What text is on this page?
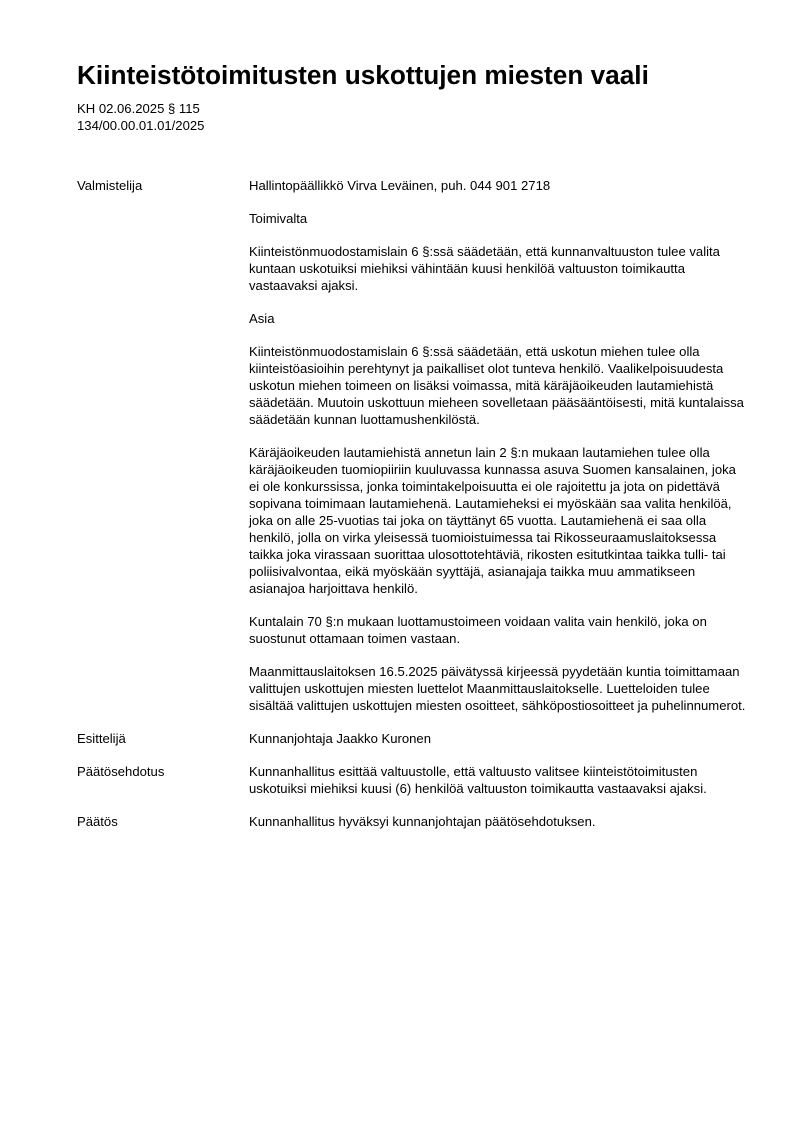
Kiinteistötoimitusten uskottujen miesten vaali
KH 02.06.2025 § 115
134/00.00.01.01/2025
Valmistelija	Hallintopäällikkö Virva Leväinen, puh. 044 901 2718

Toimivalta

Kiinteistönmuodostamislain 6 §:ssä säädetään, että kunnanvaltuuston tulee valita kuntaan uskotuiksi miehiksi vähintään kuusi henkilöä valtuuston toimikautta vastaavaksi ajaksi.

Asia

Kiinteistönmuodostamislain 6 §:ssä säädetään, että uskotun miehen tulee olla kiinteistöasioihin perehtynyt ja paikalliset olot tunteva henkilö. Vaalikelpoisuudesta uskotun miehen toimeen on lisäksi voimassa, mitä käräjäoikeuden lautamiehistä säädetään. Muutoin uskottuun mieheen sovelletaan pääsääntöisesti, mitä kuntalaissa säädetään kunnan luottamushenkilöstä.

Käräjäoikeuden lautamiehistä annetun lain 2 §:n mukaan lautamiehen tulee olla käräjäoikeuden tuomiopiiriin kuuluvassa kunnassa asuva Suomen kansalainen, joka ei ole konkurssissa, jonka toimintakelpoisuutta ei ole rajoitettu ja jota on pidettävä sopivana toimimaan lautamiehenä. Lautamieheksi ei myöskään saa valita henkilöä, joka on alle 25-vuotias tai joka on täyttänyt 65 vuotta. Lautamiehenä ei saa olla henkilö, jolla on virka yleisessä tuomioistuimessa tai Rikosseuraamuslaitoksessa taikka joka virassaan suorittaa ulosottotehtäviä, rikosten esitutkintaa taikka tulli- tai poliisivalvontaa, eikä myöskään syyttäjä, asianajaja taikka muu ammatikseen asianajoa harjoittava henkilö.

Kuntalain 70 §:n mukaan luottamustoimeen voidaan valita vain henkilö, joka on suostunut ottamaan toimen vastaan.

Maanmittauslaitoksen 16.5.2025 päivätyssä kirjeessä pyydetään kuntia toimittamaan valittujen uskottujen miesten luettelot Maanmittauslaitokselle. Luetteloiden tulee sisältää valittujen uskottujen miesten osoitteet, sähköpostiosoitteet ja puhelinnumerot.

Esittelijä	Kunnanjohtaja Jaakko Kuronen

Päätösehdotus	Kunnanhallitus esittää valtuustolle, että valtuusto valitsee kiinteistötoimitusten uskotuiksi miehiksi kuusi (6) henkilöä valtuuston toimikautta vastaavaksi ajaksi.

Päätös	Kunnanhallitus hyväksyi kunnanjohtajan päätösehdotuksen.
